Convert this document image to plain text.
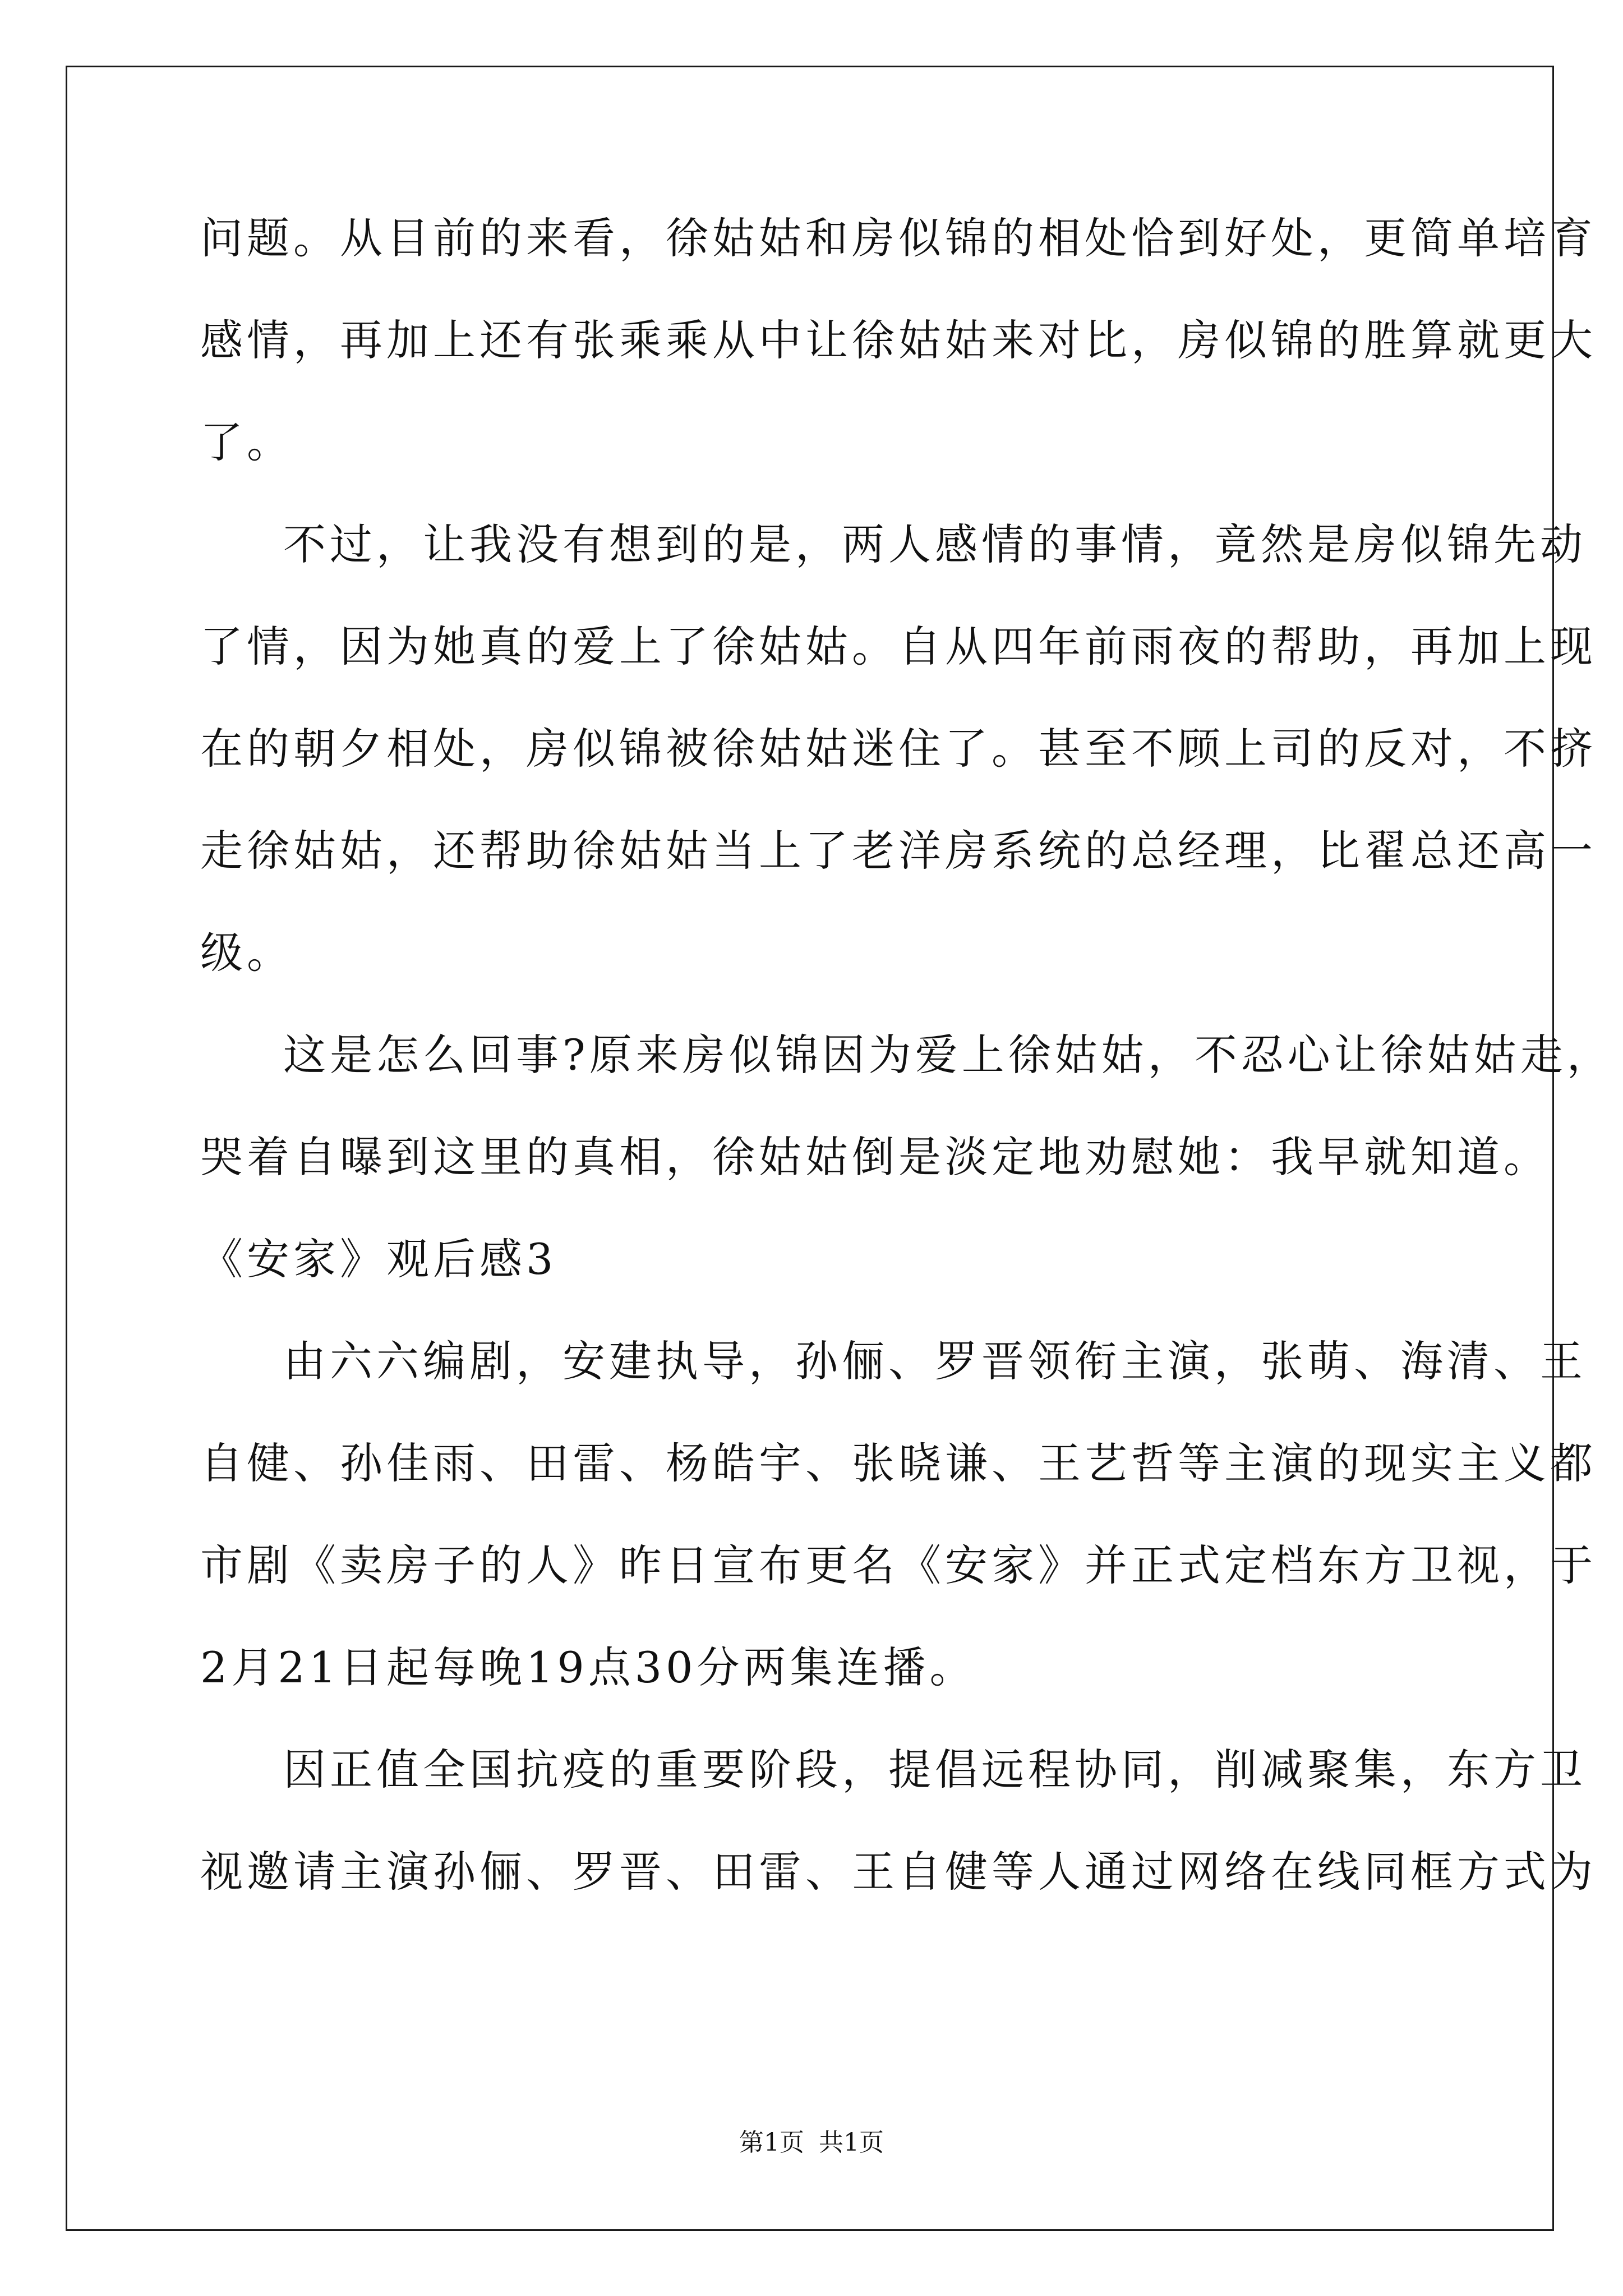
问题。从目前的来看，徐姑姑和房似锦的相处恰到好处，更简单培育
感情，再加上还有张乘乘从中让徐姑姑来对比，房似锦的胜算就更大
了。
不过，让我没有想到的是，两人感情的事情，竟然是房似锦先动
了情，因为她真的爱上了徐姑姑。自从四年前雨夜的帮助，再加上现
在的朝夕相处，房似锦被徐姑姑迷住了。甚至不顾上司的反对，不挤
走徐姑姑，还帮助徐姑姑当上了老洋房系统的总经理，比翟总还高一
级。
这是怎么回事?原来房似锦因为爱上徐姑姑，不忍心让徐姑姑走，
哭着自曝到这里的真相，徐姑姑倒是淡定地劝慰她：我早就知道。
《安家》观后感3
由六六编剧，安建执导，孙俪、罗晋领衔主演，张萌、海清、王
自健、孙佳雨、田雷、杨皓宇、张晓谦、王艺哲等主演的现实主义都
市剧《卖房子的人》昨日宣布更名《安家》并正式定档东方卫视，于
2月21日起每晚19点30分两集连播。
因正值全国抗疫的重要阶段，提倡远程协同，削减聚集，东方卫
视邀请主演孙俪、罗晋、田雷、王自健等人通过网络在线同框方式为
第1页 共1页
